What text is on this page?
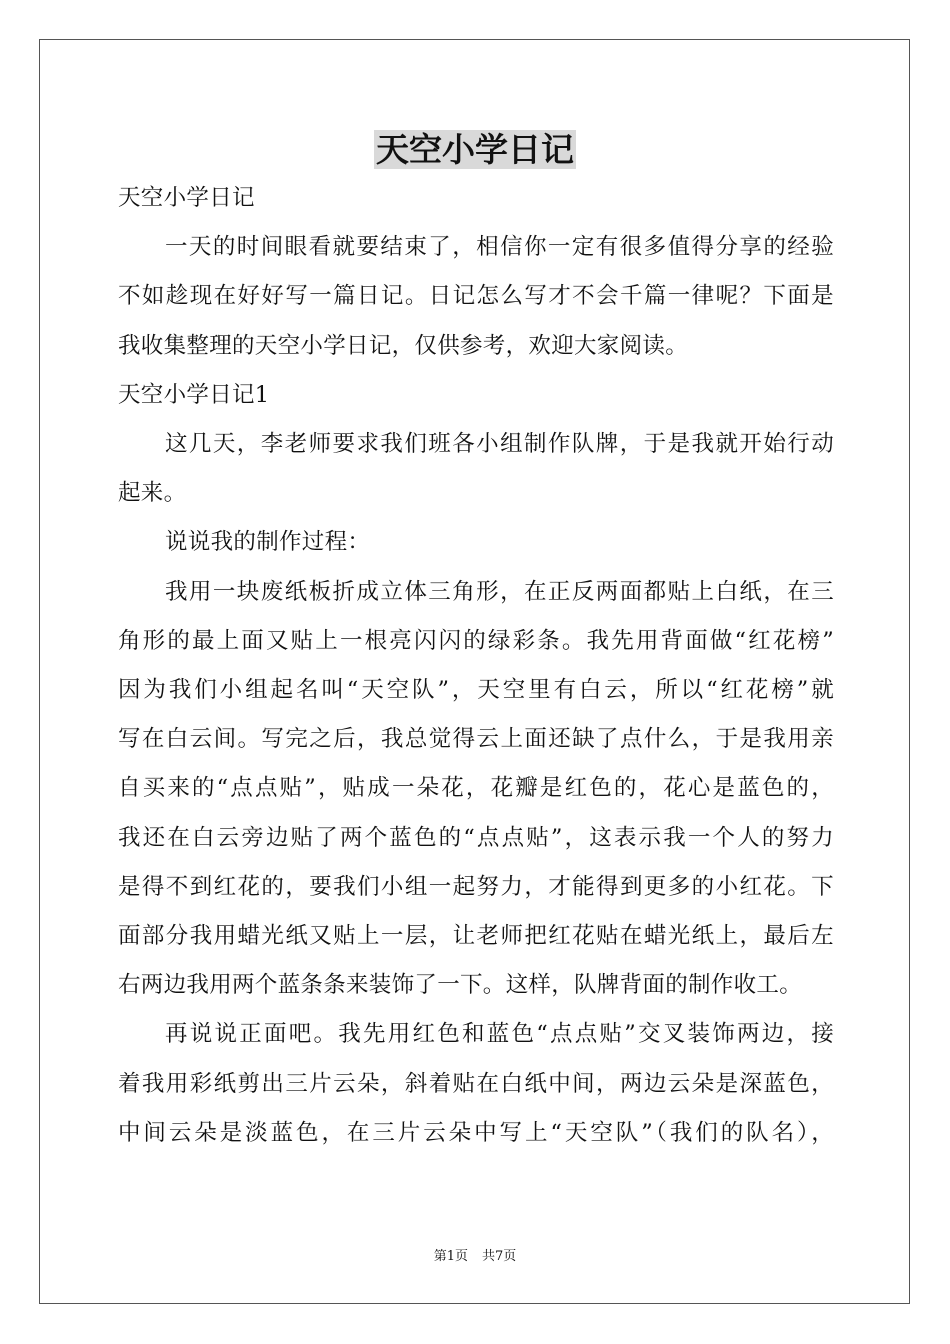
天空小学日记
天空小学日记
一天的时间眼看就要结束了，相信你一定有很多值得分享的经验
不如趁现在好好写一篇日记。日记怎么写才不会千篇一律呢？下面是
我收集整理的天空小学日记，仅供参考，欢迎大家阅读。
天空小学日记1
这几天，李老师要求我们班各小组制作队牌，于是我就开始行动
起来。
说说我的制作过程：
我用一块废纸板折成立体三角形，在正反两面都贴上白纸，在三
角形的最上面又贴上一根亮闪闪的绿彩条。我先用背面做“红花榜”
因为我们小组起名叫“天空队”，天空里有白云，所以“红花榜”就
写在白云间。写完之后，我总觉得云上面还缺了点什么，于是我用亲
自买来的“点点贴”，贴成一朵花，花瓣是红色的，花心是蓝色的，
我还在白云旁边贴了两个蓝色的“点点贴”，这表示我一个人的努力
是得不到红花的，要我们小组一起努力，才能得到更多的小红花。下
面部分我用蜡光纸又贴上一层，让老师把红花贴在蜡光纸上，最后左
右两边我用两个蓝条条来装饰了一下。这样，队牌背面的制作收工。
再说说正面吧。我先用红色和蓝色“点点贴”交叉装饰两边，接
着我用彩纸剪出三片云朵，斜着贴在白纸中间，两边云朵是深蓝色，
中间云朵是淡蓝色，在三片云朵中写上“天空队”（我们的队名），
第1页 共7页
